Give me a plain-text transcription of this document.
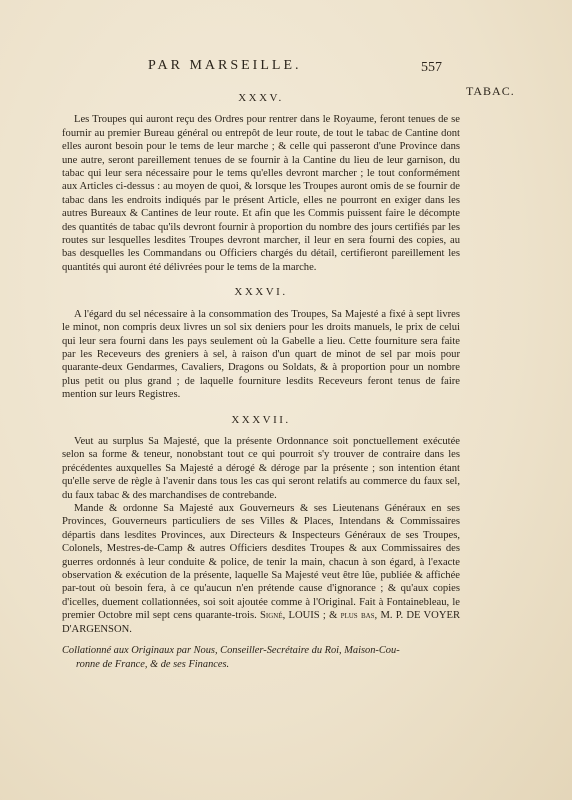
PAR MARSEILLE.	557
TABAC.
XXXV.

Les Troupes qui auront reçu des Ordres pour rentrer dans le Royaume, feront tenues de se fournir au premier Bureau général ou entrepôt de leur route, de tout le tabac de Cantine dont elles auront besoin pour le tems de leur marche ; & celle qui passeront d'une Province dans une autre, seront pareillement tenues de se fournir à la Cantine du lieu de leur garnison, du tabac qui leur sera nécessaire pour le tems qu'elles devront marcher ; le tout conformément aux Articles ci-dessus : au moyen de quoi, & lorsque les Troupes auront omis de se fournir de tabac dans les endroits indiqués par le présent Article, elles ne pourront en exiger dans les autres Bureaux & Cantines de leur route. Et afin que les Commis puissent faire le décompte des quantités de tabac qu'ils devront fournir à proportion du nombre des jours certifiés par les routes sur lesquelles lesdites Troupes devront marcher, il leur en sera fourni des copies, au bas desquelles les Commandans ou Officiers chargés du détail, certifieront pareillement les quantités qui auront été délivrées pour le tems de la marche.

XXXVI.

A l'égard du sel nécessaire à la consommation des Troupes, Sa Majesté a fixé à sept livres le minot, non compris deux livres un sol six deniers pour les droits manuels, le prix de celui qui leur sera fourni dans les pays seulement où la Gabelle a lieu. Cette fourniture sera faite par les Receveurs des greniers à sel, à raison d'un quart de minot de sel par mois pour quarante-deux Gendarmes, Cavaliers, Dragons ou Soldats, & à proportion pour un nombre plus petit ou plus grand ; de laquelle fourniture lesdits Receveurs feront tenus de faire mention sur leurs Registres.

XXXVII.

Veut au surplus Sa Majesté, que la présente Ordonnance soit ponctuellement exécutée selon sa forme & teneur, nonobstant tout ce qui pourroit s'y trouver de contraire dans les précédentes auxquelles Sa Majesté a dérogé & déroge par la présente ; son intention étant qu'elle serve de règle à l'avenir dans tous les cas qui seront relatifs au commerce du faux sel, du faux tabac & des marchandises de contrebande.

Mande & ordonne Sa Majesté aux Gouverneurs & ses Lieutenans Généraux en ses Provinces, Gouverneurs particuliers de ses Villes & Places, Intendans & Commissaires départis dans lesdites Provinces, aux Directeurs & Inspecteurs Généraux de ses Troupes, Colonels, Mestres-de-Camp & autres Officiers desdites Troupes & aux Commissaires des guerres ordonnés à leur conduite & police, de tenir la main, chacun à son égard, à l'exacte observation & exécution de la présente, laquelle Sa Majesté veut être lûe, publiée & affichée par-tout où besoin fera, à ce qu'aucun n'en prétende cause d'ignorance ; & qu'aux copies d'icelles, duement collationnées, soi soit ajoutée comme à l'Original. Fait à Fontainebleau, le premier Octobre mil sept cens quarante-trois. Signé, LOUIS ; & plus bas, M. P. DE VOYER D'ARGENSON.

Collationné aux Originaux par Nous, Conseiller-Secrétaire du Roi, Maison-Cou-
ronne de France, & de ses Finances.
